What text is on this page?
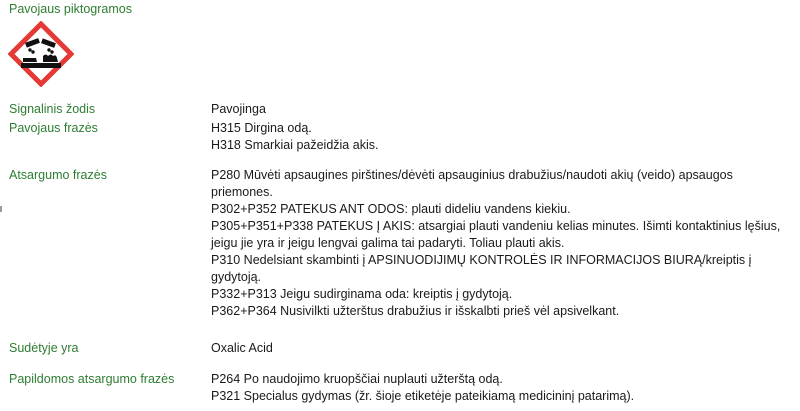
Pavojaus piktogramos
Signalinis žodis	Pavojinga
Pavojaus frazės	H315 Dirgina odą.
H318 Smarkiai pažeidžia akis.
Atsargumo frazės	P280 Mūvėti apsaugines pirštines/dėvėti apsauginius drabužius/naudoti akių (veido) apsaugos
priemones.
P302+P352 PATEKUS ANT ODOS: plauti dideliu vandens kiekiu.
P305+P351+P338 PATEKUS Į AKIS: atsargiai plauti vandeniu kelias minutes. Išimti kontaktinius lęšius,
jeigu jie yra ir jeigu lengvai galima tai padaryti. Toliau plauti akis.
P310 Nedelsiant skambinti į APSINUODIJIMŲ KONTROLĖS IR INFORMACIJOS BIURĄ/kreiptis į
gydytoją.
P332+P313 Jeigu sudirginama oda: kreiptis į gydytoją.
P362+P364 Nusivilkti užterštus drabužius ir išskalbti prieš vėl apsivelkant.
Sudėtyje yra	Oxalic Acid
Papildomos atsargumo frazės	P264 Po naudojimo kruopščiai nuplauti užterštą odą.
P321 Specialus gydymas (žr. šioje etiketėje pateikiamą medicininį patarimą).
